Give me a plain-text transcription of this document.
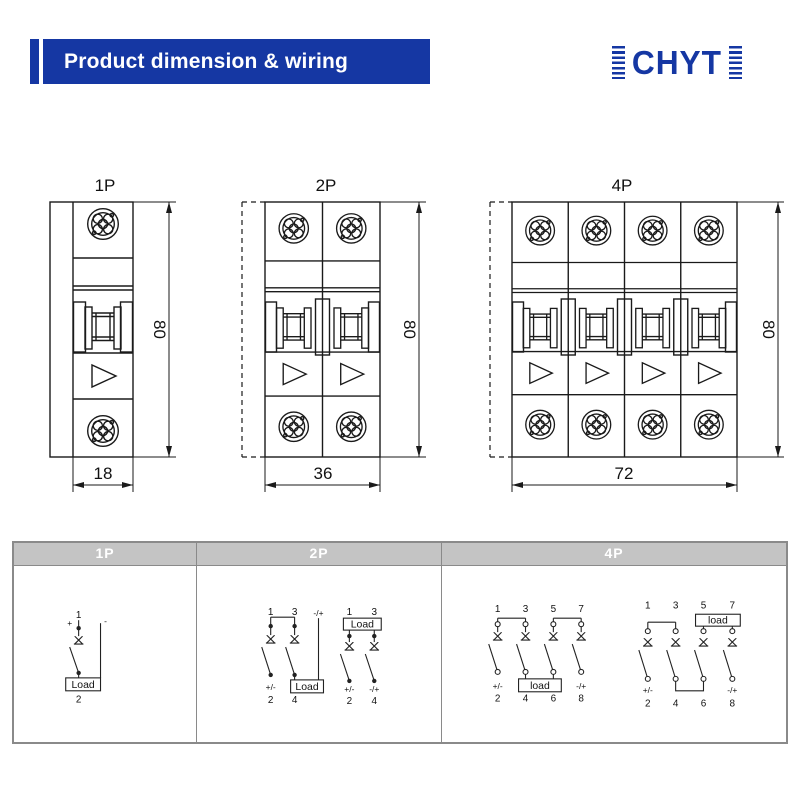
Product dimension & wiring	CHYT
1P
80
18
2P
80
36
4P
80
72
1P	2P	4P
1
+	-
Load
2
1 3 -/+
+/- Load
2 4
1 3
Load
+/- -/+
2 4
1 3 5 7
load
+/-	-/+
2 4 6 8
1 3 5 7
load
+/-	-/+
2 4 6 8
